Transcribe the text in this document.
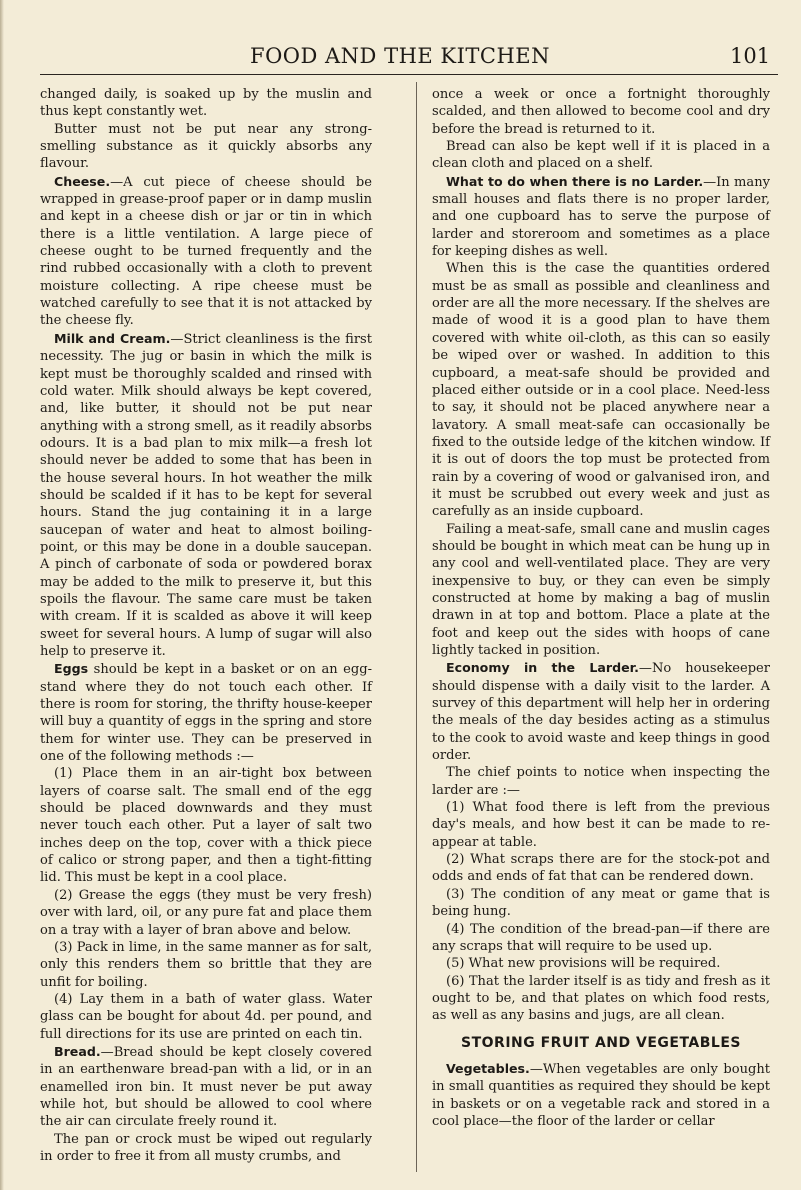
FOOD AND THE KITCHEN	101

changed daily, is soaked up by the muslin and thus kept constantly wet.

Butter must not be put near any strong-smelling substance as it quickly absorbs any flavour.

Cheese.—A cut piece of cheese should be wrapped in grease-proof paper or in damp muslin and kept in a cheese dish or jar or tin in which there is a little ventilation. A large piece of cheese ought to be turned frequently and the rind rubbed occasionally with a cloth to prevent moisture collecting. A ripe cheese must be watched carefully to see that it is not attacked by the cheese fly.

Milk and Cream.—Strict cleanliness is the first necessity. The jug or basin in which the milk is kept must be thoroughly scalded and rinsed with cold water. Milk should always be kept covered, and, like butter, it should not be put near anything with a strong smell, as it readily absorbs odours. It is a bad plan to mix milk—a fresh lot should never be added to some that has been in the house several hours. In hot weather the milk should be scalded if it has to be kept for several hours. Stand the jug containing it in a large saucepan of water and heat to almost boiling-point, or this may be done in a double saucepan. A pinch of carbonate of soda or powdered borax may be added to the milk to preserve it, but this spoils the flavour. The same care must be taken with cream. If it is scalded as above it will keep sweet for several hours. A lump of sugar will also help to preserve it.

Eggs should be kept in a basket or on an egg-stand where they do not touch each other. If there is room for storing, the thrifty house-keeper will buy a quantity of eggs in the spring and store them for winter use. They can be preserved in one of the following methods :—

(1) Place them in an air-tight box between layers of coarse salt. The small end of the egg should be placed downwards and they must never touch each other. Put a layer of salt two inches deep on the top, cover with a thick piece of calico or strong paper, and then a tight-fitting lid. This must be kept in a cool place.

(2) Grease the eggs (they must be very fresh) over with lard, oil, or any pure fat and place them on a tray with a layer of bran above and below.

(3) Pack in lime, in the same manner as for salt, only this renders them so brittle that they are unfit for boiling.

(4) Lay them in a bath of water glass. Water glass can be bought for about 4d. per pound, and full directions for its use are printed on each tin.

Bread.—Bread should be kept closely covered in an earthenware bread-pan with a lid, or in an enamelled iron bin. It must never be put away while hot, but should be allowed to cool where the air can circulate freely round it.

The pan or crock must be wiped out regularly in order to free it from all musty crumbs, and

once a week or once a fortnight thoroughly scalded, and then allowed to become cool and dry before the bread is returned to it.

Bread can also be kept well if it is placed in a clean cloth and placed on a shelf.

What to do when there is no Larder.—In many small houses and flats there is no proper larder, and one cupboard has to serve the purpose of larder and storeroom and sometimes as a place for keeping dishes as well.

When this is the case the quantities ordered must be as small as possible and cleanliness and order are all the more necessary. If the shelves are made of wood it is a good plan to have them covered with white oil-cloth, as this can so easily be wiped over or washed. In addition to this cupboard, a meat-safe should be provided and placed either outside or in a cool place. Need-less to say, it should not be placed anywhere near a lavatory. A small meat-safe can occasionally be fixed to the outside ledge of the kitchen window. If it is out of doors the top must be protected from rain by a covering of wood or galvanised iron, and it must be scrubbed out every week and just as carefully as an inside cupboard.

Failing a meat-safe, small cane and muslin cages should be bought in which meat can be hung up in any cool and well-ventilated place. They are very inexpensive to buy, or they can even be simply constructed at home by making a bag of muslin drawn in at top and bottom. Place a plate at the foot and keep out the sides with hoops of cane lightly tacked in position.

Economy in the Larder.—No housekeeper should dispense with a daily visit to the larder. A survey of this department will help her in ordering the meals of the day besides acting as a stimulus to the cook to avoid waste and keep things in good order.

The chief points to notice when inspecting the larder are :—

(1) What food there is left from the previous day's meals, and how best it can be made to re-appear at table.

(2) What scraps there are for the stock-pot and odds and ends of fat that can be rendered down.

(3) The condition of any meat or game that is being hung.

(4) The condition of the bread-pan—if there are any scraps that will require to be used up.

(5) What new provisions will be required.

(6) That the larder itself is as tidy and fresh as it ought to be, and that plates on which food rests, as well as any basins and jugs, are all clean.

STORING FRUIT AND VEGETABLES

Vegetables.—When vegetables are only bought in small quantities as required they should be kept in baskets or on a vegetable rack and stored in a cool place—the floor of the larder or cellar
